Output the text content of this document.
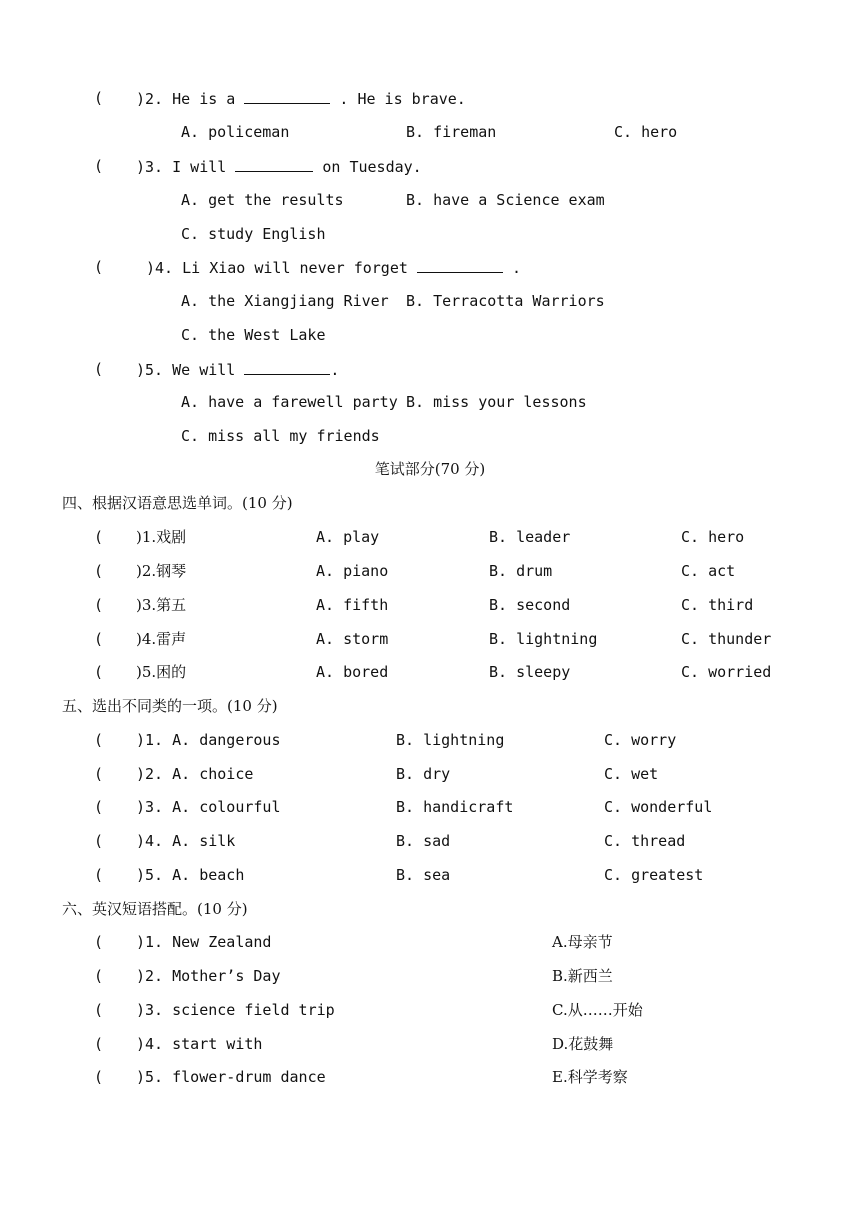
( )2. He is a	. He is brave.
A. policeman	B. fireman	C. hero
( )3. I will	on Tuesday.
A. get the results	B. have a Science exam
C. study English
(	)4. Li Xiao will never forget	.
A. the Xiangjiang River B. Terracotta Warriors
C. the West Lake
( )5. We will	.
A. have a farewell party B. miss your lessons
C. miss all my friends
笔试部分(70 分)
四、根据汉语意思选单词。(10 分)
( )1.戏剧	A. play	B. leader	C. hero
( )2.钢琴	A. piano	B. drum	C. act
( )3.第五	A. fifth	B. second	C. third
( )4.雷声	A. storm	B. lightning	C. thunder
( )5.困的	A. bored	B. sleepy	C. worried
五、选出不同类的一项。(10 分)
( )1. A. dangerous	B. lightning	C. worry
( )2. A. choice	B. dry	C. wet
( )3. A. colourful	B. handicraft	C. wonderful
( )4. A. silk	B. sad	C. thread
( )5. A. beach	B. sea	C. greatest
六、英汉短语搭配。(10 分)
( )1. New Zealand	A.母亲节
( )2. Mother’s Day	B.新西兰
( )3. science field trip	C.从……开始
( )4. start with	D.花鼓舞
( )5. flower-drum dance	E.科学考察
